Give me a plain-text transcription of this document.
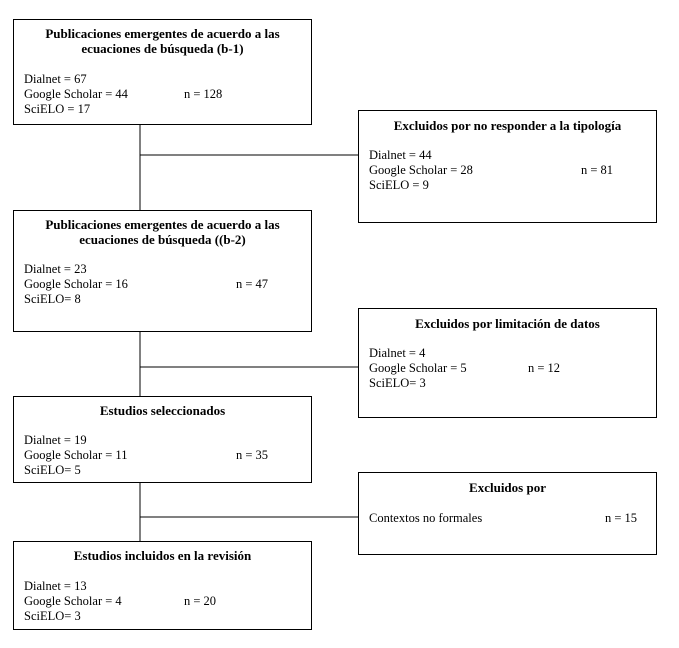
Publicaciones emergentes de acuerdo a las ecuaciones de búsqueda (b-1)
Dialnet = 67
Google Scholar = 44
SciELO = 17
n = 128
Excluidos por no responder a la tipología
Dialnet = 44
Google Scholar = 28
SciELO = 9
n = 81
Publicaciones emergentes de acuerdo a las ecuaciones de búsqueda ((b-2)
Dialnet = 23
Google Scholar = 16
SciELO= 8
n = 47
Excluidos por limitación de datos
Dialnet = 4
Google Scholar = 5
SciELO= 3
n = 12
Estudios seleccionados
Dialnet = 19
Google Scholar = 11
SciELO= 5
n = 35
Excluidos por
Contextos no formales	n = 15
Estudios incluidos en la revisión
Dialnet = 13
Google Scholar = 4
SciELO= 3
n = 20
